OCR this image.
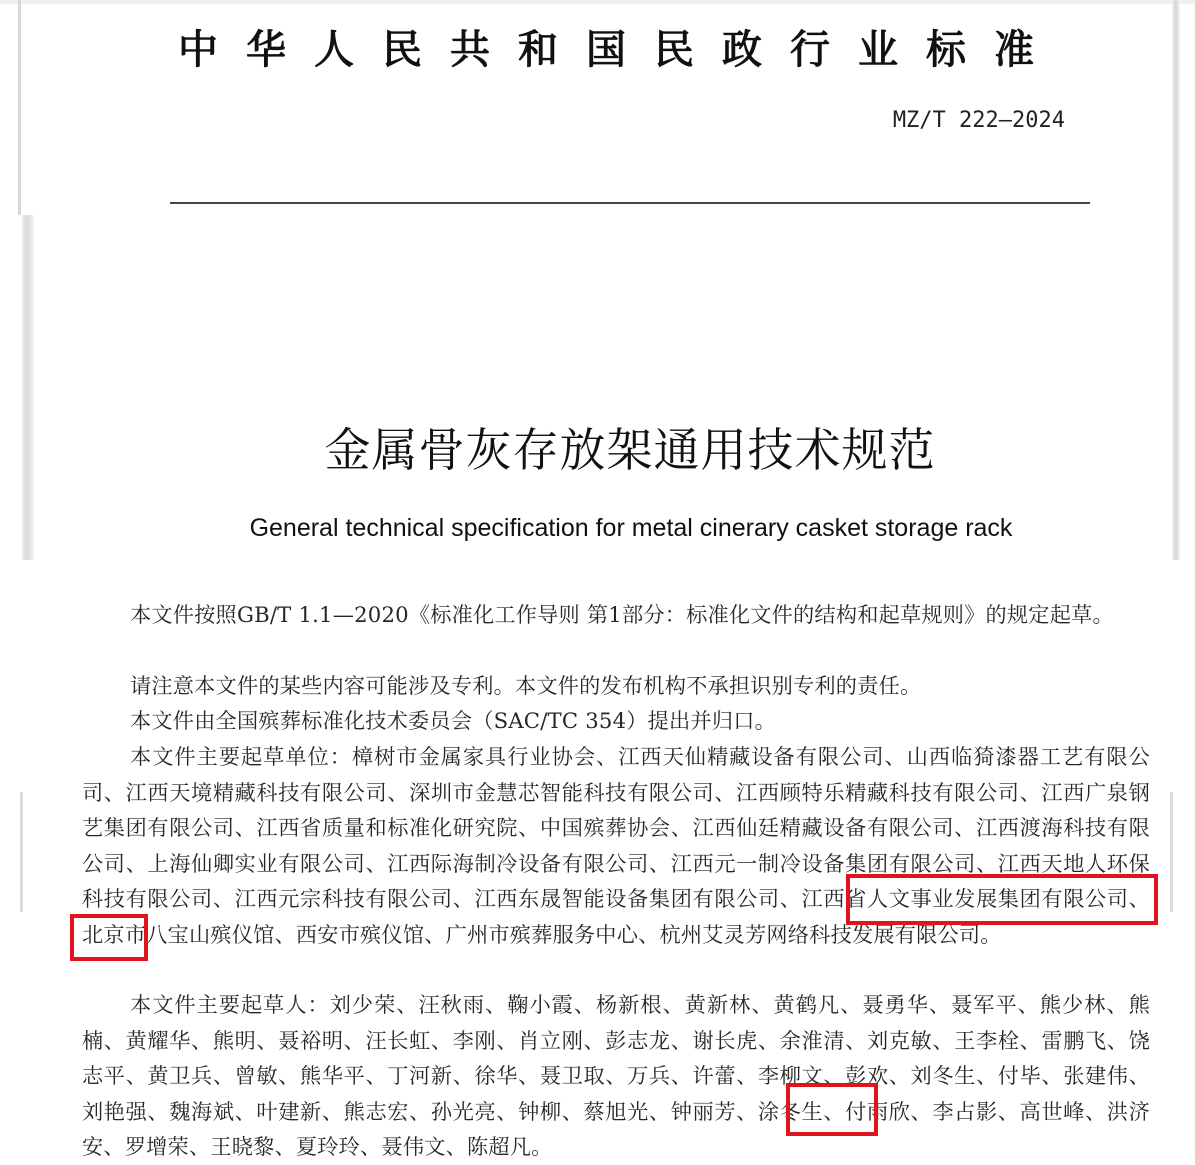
中华人民共和国民政行业标准
MZ/T 222—2024
金属骨灰存放架通用技术规范
General technical specification for metal cinerary casket storage rack

本文件按照GB/T 1.1—2020《标准化工作导则 第1部分：标准化文件的结构和起草规则》的规定起草。

请注意本文件的某些内容可能涉及专利。本文件的发布机构不承担识别专利的责任。

本文件由全国殡葬标准化技术委员会（SAC/TC 354）提出并归口。

本文件主要起草单位：樟树市金属家具行业协会、江西天仙精藏设备有限公司、山西临猗漆器工艺有限公司、江西天境精藏科技有限公司、深圳市金慧芯智能科技有限公司、江西顾特乐精藏科技有限公司、江西广泉钢艺集团有限公司、江西省质量和标准化研究院、中国殡葬协会、江西仙廷精藏设备有限公司、江西渡海科技有限公司、上海仙卿实业有限公司、江西际海制冷设备有限公司、江西元一制冷设备集团有限公司、江西天地人环保科技有限公司、江西元宗科技有限公司、江西东晟智能设备集团有限公司、江西省人文事业发展集团有限公司、北京市八宝山殡仪馆、西安市殡仪馆、广州市殡葬服务中心、杭州艾灵芳网络科技发展有限公司。

本文件主要起草人：刘少荣、汪秋雨、鞠小霞、杨新根、黄新林、黄鹤凡、聂勇华、聂军平、熊少林、熊楠、黄耀华、熊明、聂裕明、汪长虹、李刚、肖立刚、彭志龙、谢长虎、余淮清、刘克敏、王李栓、雷鹏飞、饶志平、黄卫兵、曾敏、熊华平、丁河新、徐华、聂卫取、万兵、许蕾、李柳文、彭欢、刘冬生、付毕、张建伟、刘艳强、魏海斌、叶建新、熊志宏、孙光亮、钟柳、蔡旭光、钟丽芳、涂冬生、付雨欣、李占影、高世峰、洪济安、罗增荣、王晓黎、夏玲玲、聂伟文、陈超凡。
